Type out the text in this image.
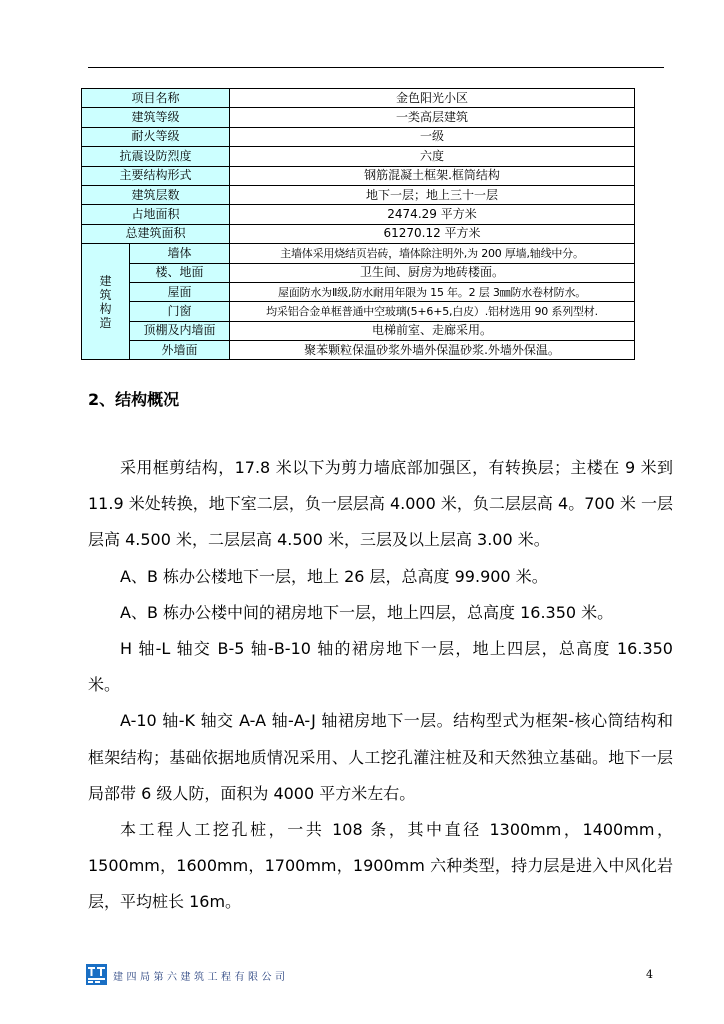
项目名称		金色阳光小区
建筑等级		一类高层建筑
耐火等级		一级
抗震设防烈度		六度
主要结构形式		钢筋混凝土框架.框筒结构
建筑层数		地下一层；地上三十一层
占地面积		2474.29 平方米
总建筑面积		61270.12 平方米
建筑构造	墙体	主墙体采用烧结页岩砖，墙体除注明外,为 200 厚墙,轴线中分。
	楼、地面	卫生间、厨房为地砖楼面。
	屋面	屋面防水为Ⅱ级,防水耐用年限为 15 年。2 层 3㎜防水卷材防水。
	门窗	均采铝合金单框普通中空玻璃(5+6+5,白皮）.铝材选用 90 系列型材.
	顶棚及内墙面	电梯前室、走廊采用。
	外墙面	聚苯颗粒保温砂浆外墙外保温砂浆.外墙外保温。
2、结构概况

采用框剪结构，17.8 米以下为剪力墙底部加强区，有转换层；主楼在 9 米到 11.9 米处转换，地下室二层，负一层层高 4.000 米，负二层层高 4。700 米 一层层高 4.500 米，二层层高 4.500 米，三层及以上层高 3.00 米。

A、B 栋办公楼地下一层，地上 26 层，总高度 99.900 米。

A、B 栋办公楼中间的裙房地下一层，地上四层，总高度 16.350 米。

H 轴-L 轴交 B-5 轴-B-10 轴的裙房地下一层，地上四层，总高度 16.350 米。

A-10 轴-K 轴交 A-A 轴-A-J 轴裙房地下一层。结构型式为框架-核心筒结构和框架结构；基础依据地质情况采用、人工挖孔灌注桩及和天然独立基础。地下一层局部带 6 级人防，面积为 4000 平方米左右。

本工程人工挖孔桩，一共 108 条，其中直径 1300mm，1400mm，1500mm，1600mm，1700mm，1900mm 六种类型，持力层是进入中风化岩层，平均桩长 16m。

建四局第六建筑工程有限公司	4
